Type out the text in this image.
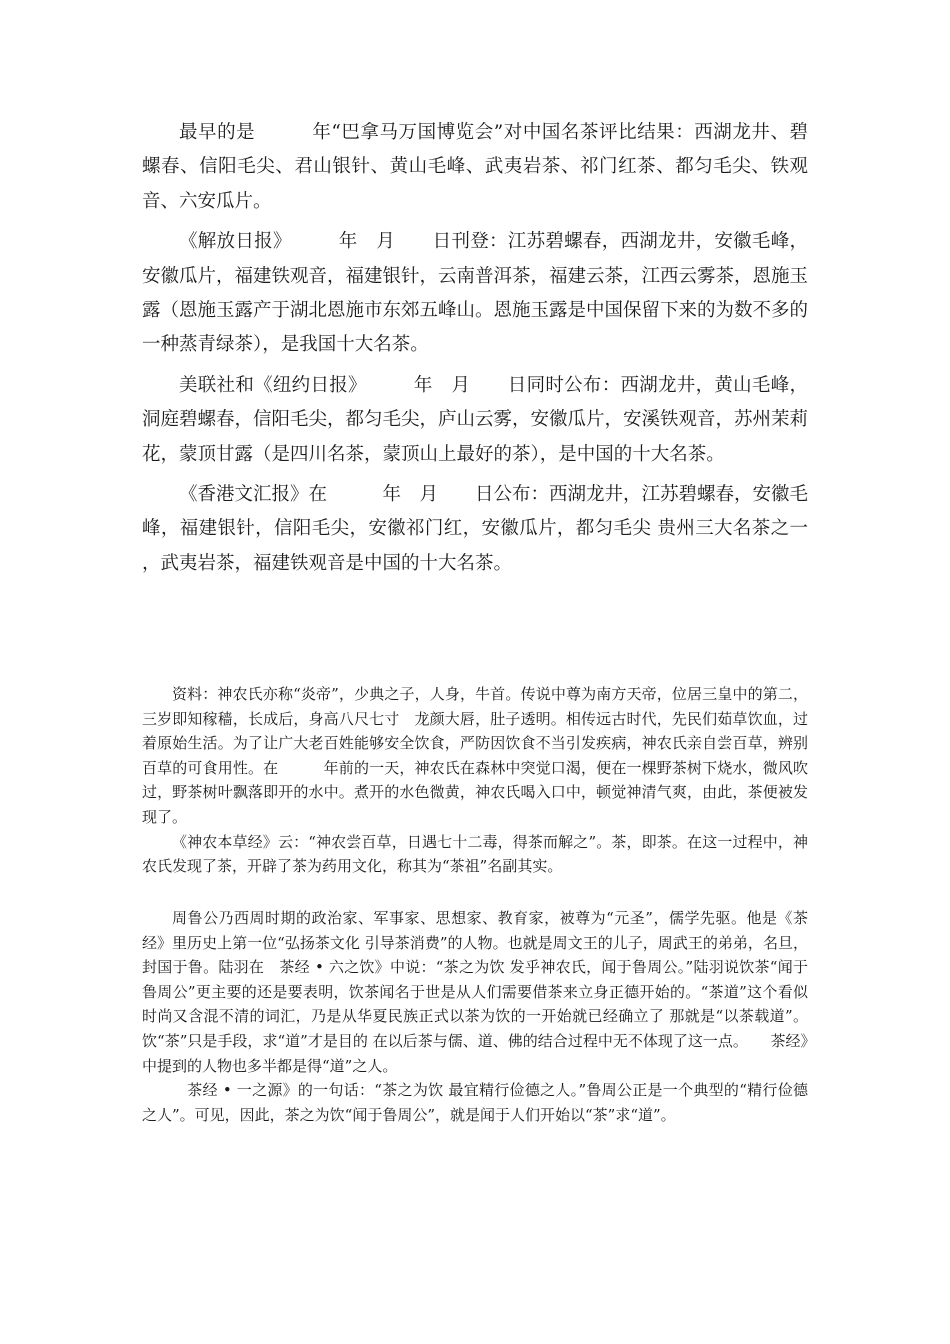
最早的是　　　年“巴拿马万国博览会”对中国名茶评比结果：西湖龙井、碧螺春、信阳毛尖、君山银针、黄山毛峰、武夷岩茶、祁门红茶、都匀毛尖、铁观音、六安瓜片。

《解放日报》　　　年　月　　日刊登：江苏碧螺春，西湖龙井，安徽毛峰，安徽瓜片，福建铁观音，福建银针，云南普洱茶，福建云茶，江西云雾茶，恩施玉露（恩施玉露产于湖北恩施市东郊五峰山。恩施玉露是中国保留下来的为数不多的一种蒸青绿茶），是我国十大名茶。

美联社和《纽约日报》　　　年　月　　日同时公布：西湖龙井，黄山毛峰，洞庭碧螺春，信阳毛尖，都匀毛尖，庐山云雾，安徽瓜片，安溪铁观音，苏州茉莉花，蒙顶甘露（是四川名茶，蒙顶山上最好的茶），是中国的十大名茶。

《香港文汇报》在　　　年　月　　日公布：西湖龙井，江苏碧螺春，安徽毛峰，福建银针，信阳毛尖，安徽祁门红，安徽瓜片，都匀毛尖 贵州三大名茶之一 ，武夷岩茶，福建铁观音是中国的十大名茶。

资料：神农氏亦称“炎帝”，少典之子，人身，牛首。传说中尊为南方天帝，位居三皇中的第二，三岁即知稼穑，长成后，身高八尺七寸　龙颜大唇，肚子透明。相传远古时代，先民们茹草饮血，过着原始生活。为了让广大老百姓能够安全饮食，严防因饮食不当引发疾病，神农氏亲自尝百草，辨别百草的可食用性。在　　　年前的一天，神农氏在森林中突觉口渴，便在一棵野茶树下烧水，微风吹过，野茶树叶飘落即开的水中。煮开的水色微黄，神农氏喝入口中，顿觉神清气爽，由此，茶便被发现了。

《神农本草经》云：“神农尝百草，日遇七十二毒，得茶而解之”。茶，即茶。在这一过程中，神农氏发现了茶，开辟了茶为药用文化，称其为“茶祖”名副其实。

周鲁公乃西周时期的政治家、军事家、思想家、教育家，被尊为“元圣”，儒学先驱。他是《茶经》里历史上第一位“弘扬茶文化 引导茶消费”的人物。也就是周文王的儿子，周武王的弟弟，名旦，封国于鲁。陆羽在　茶经 • 六之饮》中说：“茶之为饮 发乎神农氏，闻于鲁周公。”陆羽说饮茶“闻于鲁周公”更主要的还是要表明，饮茶闻名于世是从人们需要借茶来立身正德开始的。“茶道”这个看似时尚又含混不清的词汇，乃是从华夏民族正式以茶为饮的一开始就已经确立了 那就是“以茶载道”。饮“茶”只是手段，求“道”才是目的 在以后茶与儒、道、佛的结合过程中无不体现了这一点。　　茶经》中提到的人物也多半都是得“道”之人。

　茶经 • 一之源》的一句话：“茶之为饮 最宜精行俭德之人。”鲁周公正是一个典型的“精行俭德之人”。可见，因此，茶之为饮“闻于鲁周公”，就是闻于人们开始以“茶”求“道”。
